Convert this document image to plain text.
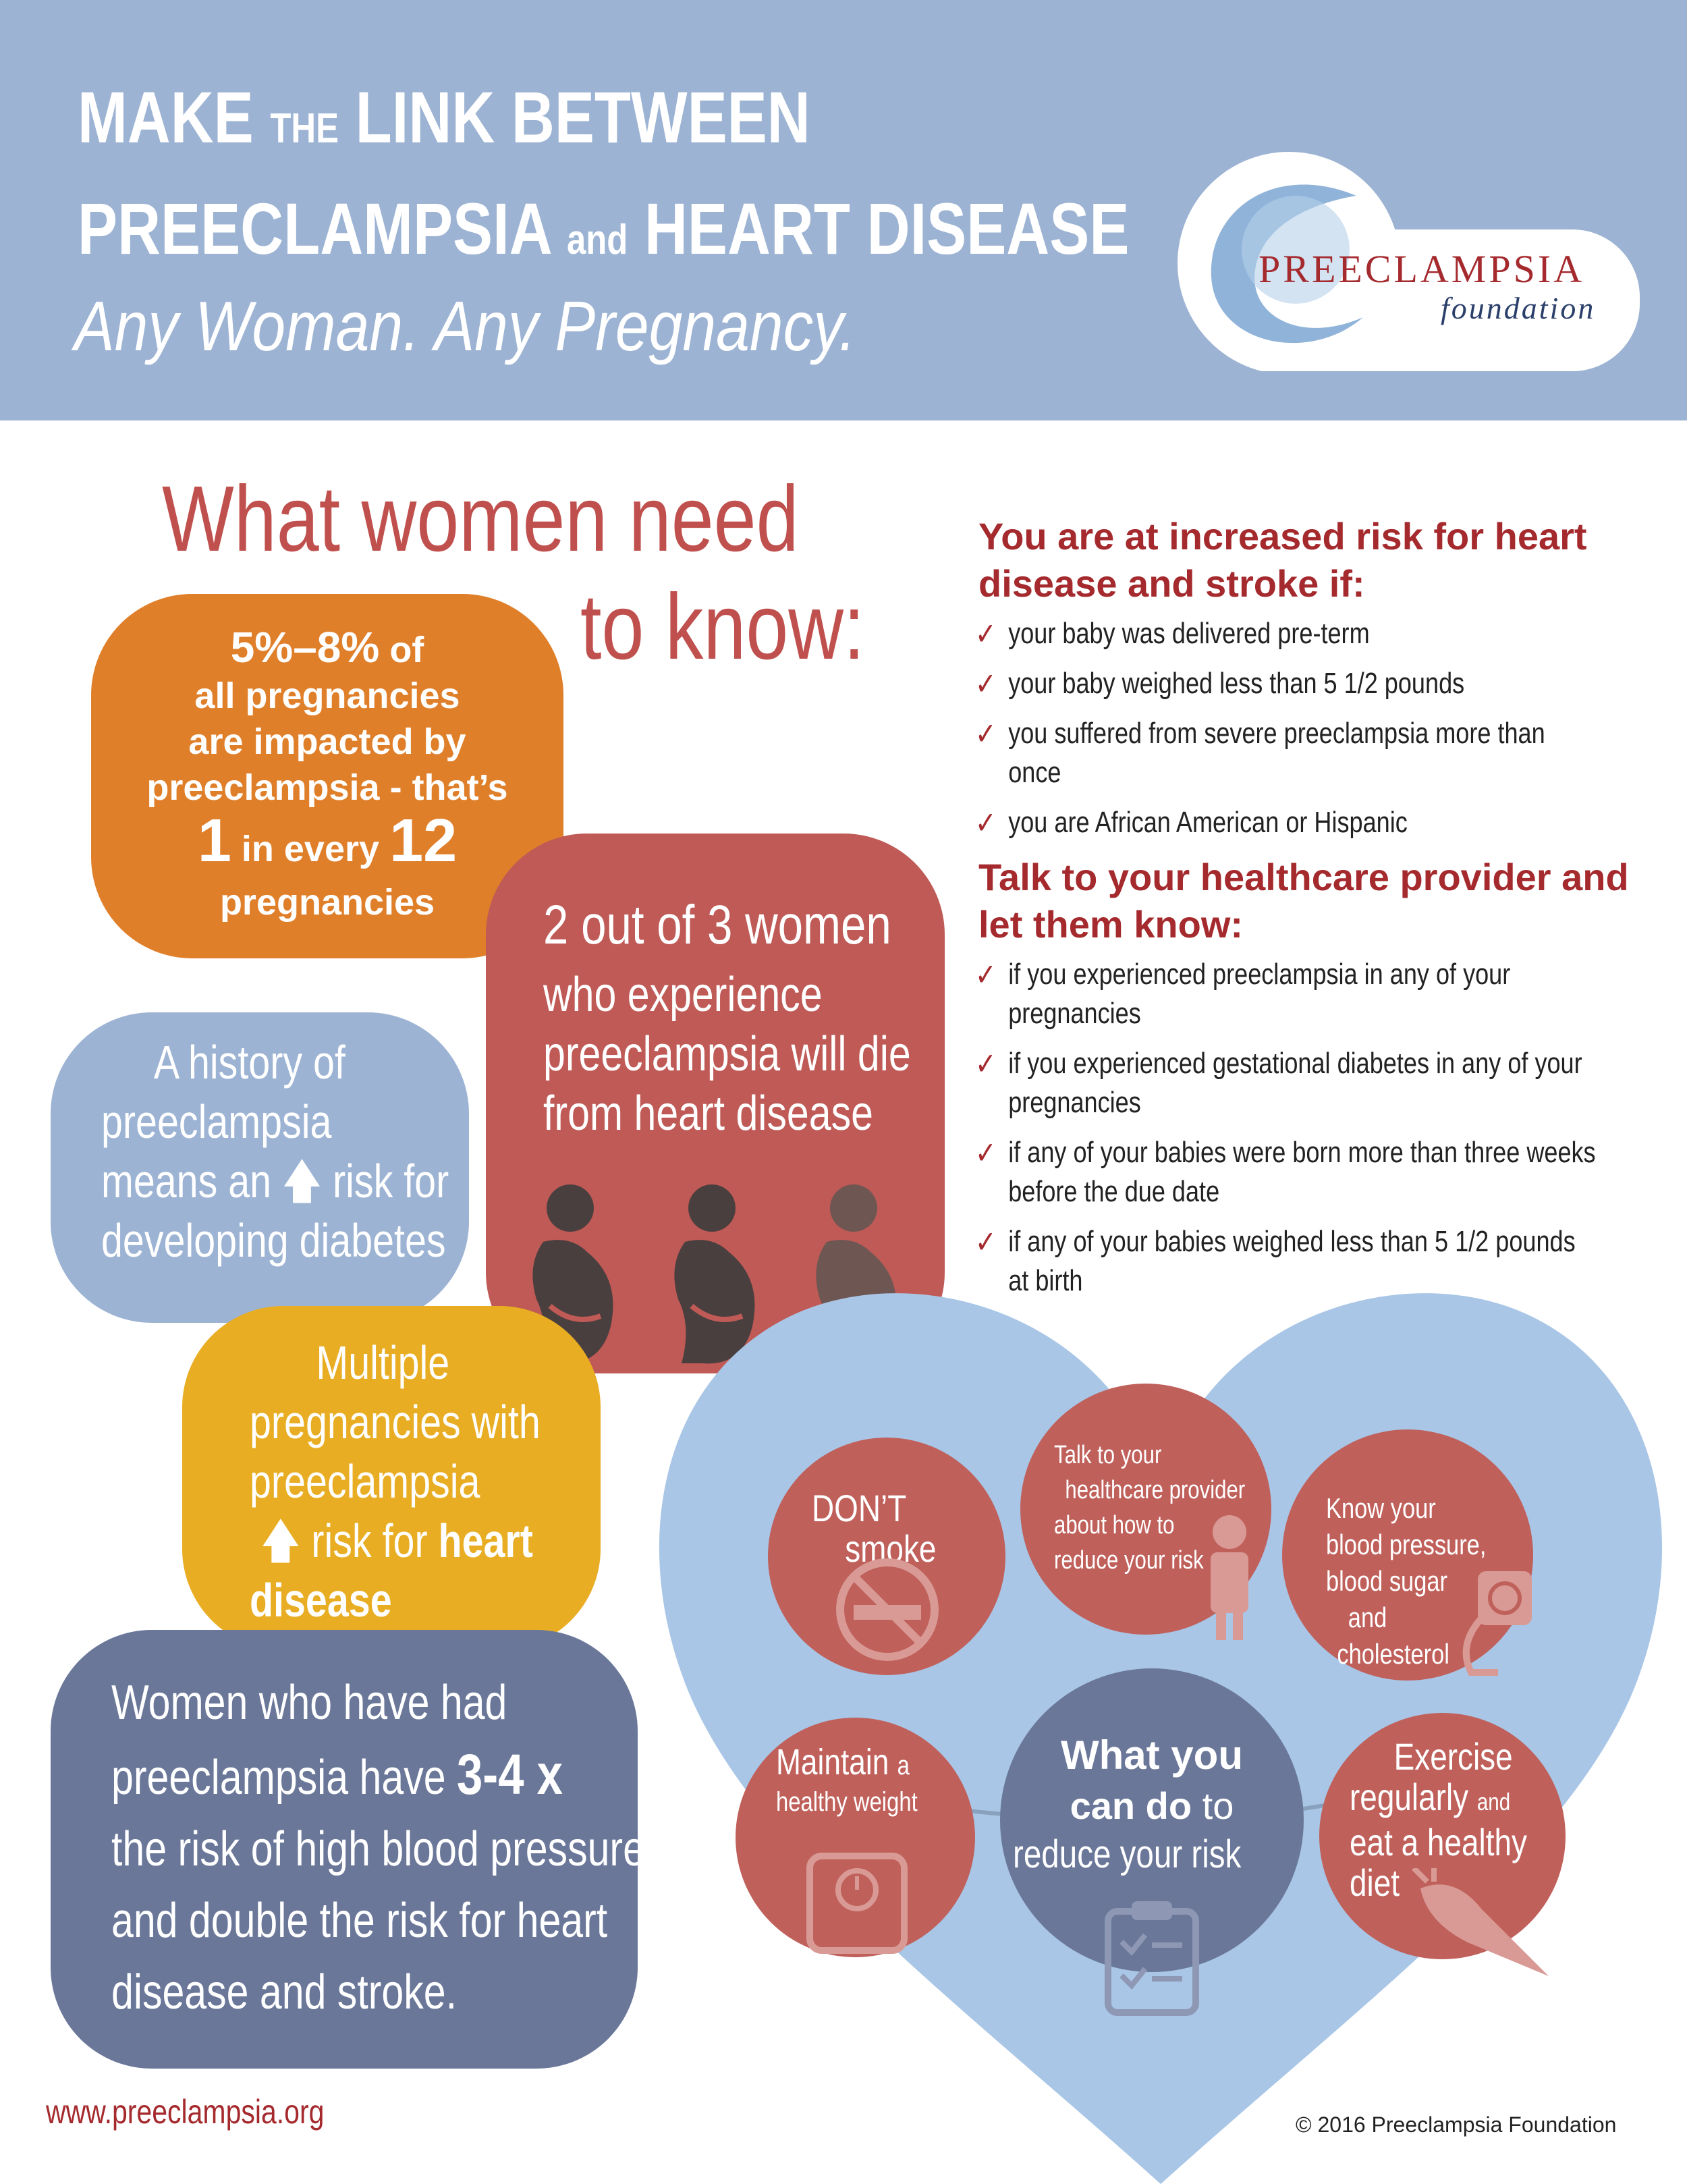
MAKE THE LINK BETWEEN
PREECLAMPSIA and HEART DISEASE
Any Woman. Any Pregnancy.
PREECLAMPSIA
foundation
What women need
to know:
5%–8% of
all pregnancies
are impacted by
preeclampsia - that’s
1 in every 12
pregnancies	2 out of 3 women
who experience
preeclampsia will die
from heart disease
A history of
preeclampsia
means an 🡅 risk for
developing diabetes
Multiple
pregnancies with
preeclampsia
🡅 risk for heart
disease
Women who have had
preeclampsia have 3-4 x
the risk of high blood pressure
and double the risk for heart
disease and stroke.
You are at increased risk for heart
disease and stroke if:
✓ your baby was delivered pre-term
✓ your baby weighed less than 5 1/2 pounds
✓ you suffered from severe preeclampsia more than once
✓ you are African American or Hispanic
Talk to your healthcare provider and
let them know:
✓ if you experienced preeclampsia in any of your pregnancies
✓ if you experienced gestational diabetes in any of your
pregnancies
✓ if any of your babies were born more than three weeks
before the due date
✓ if any of your babies weighed less than 5 1/2 pounds at birth
DON’T
smoke
Talk to your
healthcare provider
about how to
reduce your risk
Know your
blood pressure,
blood sugar
and
cholesterol
Maintain a
healthy weight
What you
can do to
reduce your risk
Exercise
regularly and
eat a healthy
diet
www.preeclampsia.org	© 2016 Preeclampsia Foundation
